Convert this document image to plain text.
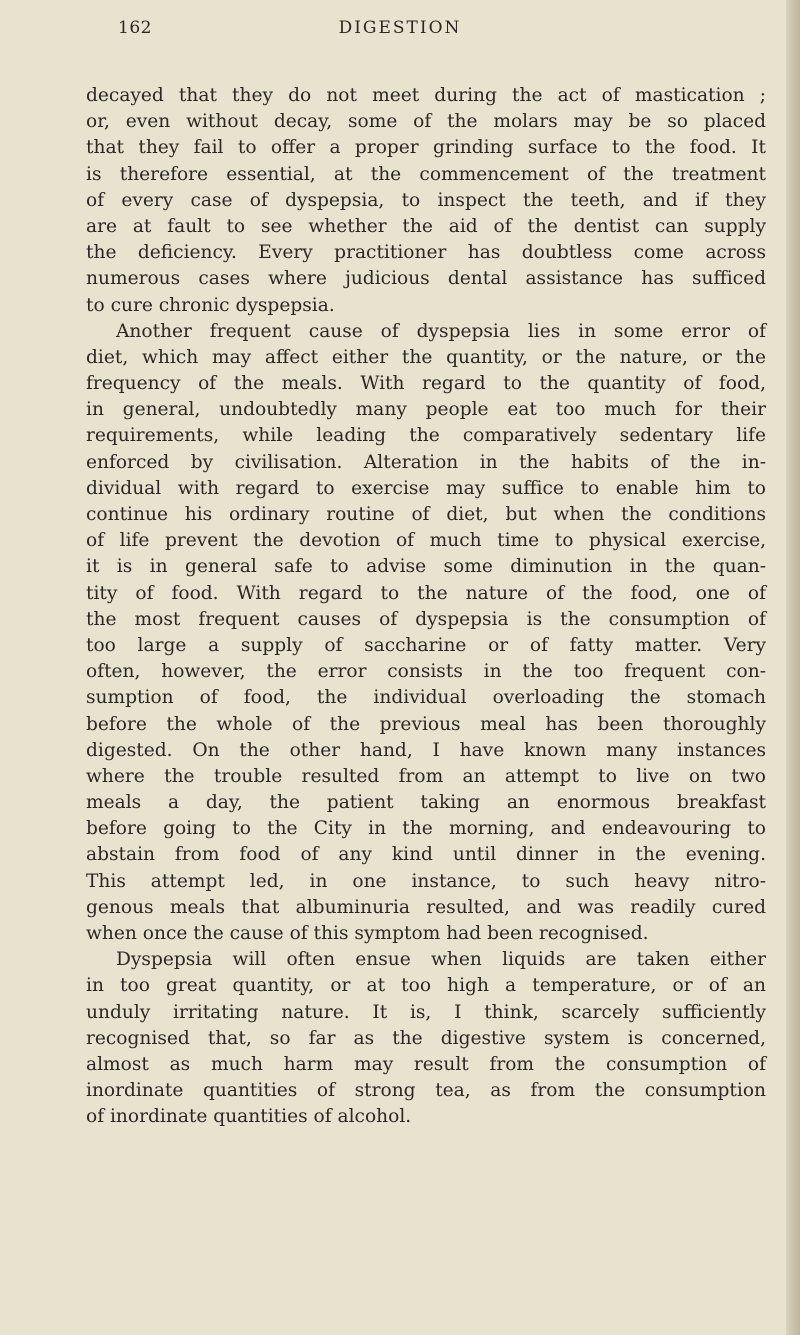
162	DIGESTION
decayed that they do not meet during the act of mastication ;
or, even without decay, some of the molars may be so placed
that they fail to offer a proper grinding surface to the food. It
is therefore essential, at the commencement of the treatment
of every case of dyspepsia, to inspect the teeth, and if they
are at fault to see whether the aid of the dentist can supply
the deficiency. Every practitioner has doubtless come across
numerous cases where judicious dental assistance has sufficed
to cure chronic dyspepsia.
Another frequent cause of dyspepsia lies in some error of
diet, which may affect either the quantity, or the nature, or the
frequency of the meals. With regard to the quantity of food,
in general, undoubtedly many people eat too much for their
requirements, while leading the comparatively sedentary life
enforced by civilisation. Alteration in the habits of the in-
dividual with regard to exercise may suffice to enable him to
continue his ordinary routine of diet, but when the conditions
of life prevent the devotion of much time to physical exercise,
it is in general safe to advise some diminution in the quan-
tity of food. With regard to the nature of the food, one of
the most frequent causes of dyspepsia is the consumption of
too large a supply of saccharine or of fatty matter. Very
often, however, the error consists in the too frequent con-
sumption of food, the individual overloading the stomach
before the whole of the previous meal has been thoroughly
digested. On the other hand, I have known many instances
where the trouble resulted from an attempt to live on two
meals a day, the patient taking an enormous breakfast
before going to the City in the morning, and endeavouring to
abstain from food of any kind until dinner in the evening.
This attempt led, in one instance, to such heavy nitro-
genous meals that albuminuria resulted, and was readily cured
when once the cause of this symptom had been recognised.
Dyspepsia will often ensue when liquids are taken either
in too great quantity, or at too high a temperature, or of an
unduly irritating nature. It is, I think, scarcely sufficiently
recognised that, so far as the digestive system is concerned,
almost as much harm may result from the consumption of
inordinate quantities of strong tea, as from the consumption
of inordinate quantities of alcohol.
